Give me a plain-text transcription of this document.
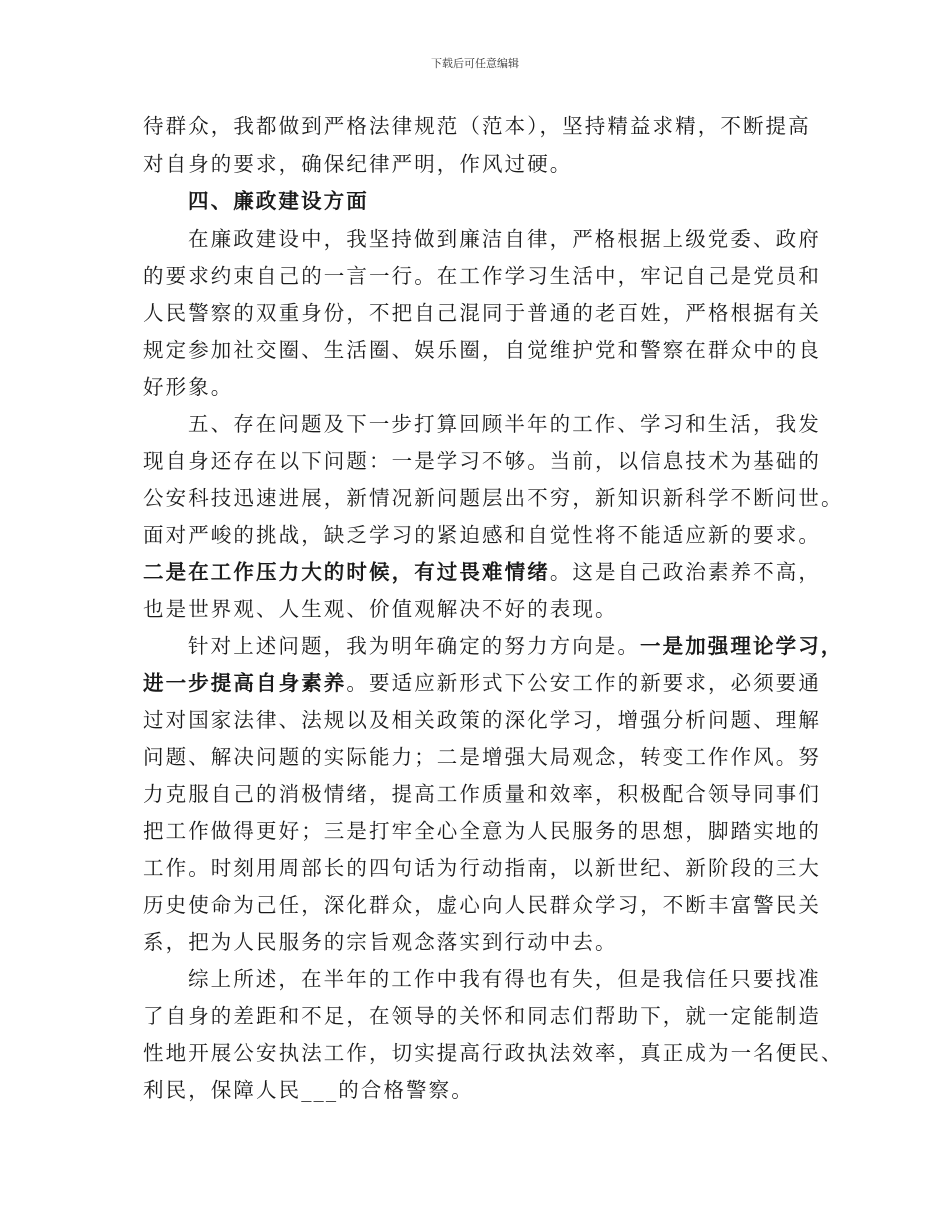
下载后可任意编辑
待群众，我都做到严格法律规范（范本），坚持精益求精，不断提高
对自身的要求，确保纪律严明，作风过硬。
四、廉政建设方面
在廉政建设中，我坚持做到廉洁自律，严格根据上级党委、政府
的要求约束自己的一言一行。在工作学习生活中，牢记自己是党员和
人民警察的双重身份，不把自己混同于普通的老百姓，严格根据有关
规定参加社交圈、生活圈、娱乐圈，自觉维护党和警察在群众中的良
好形象。
五、存在问题及下一步打算回顾半年的工作、学习和生活，我发
现自身还存在以下问题：一是学习不够。当前，以信息技术为基础的
公安科技迅速进展，新情况新问题层出不穷，新知识新科学不断问世。
面对严峻的挑战，缺乏学习的紧迫感和自觉性将不能适应新的要求。
二是在工作压力大的时候，有过畏难情绪。这是自己政治素养不高，
也是世界观、人生观、价值观解决不好的表现。
针对上述问题，我为明年确定的努力方向是。一是加强理论学习，
进一步提高自身素养。要适应新形式下公安工作的新要求，必须要通
过对国家法律、法规以及相关政策的深化学习，增强分析问题、理解
问题、解决问题的实际能力；二是增强大局观念，转变工作作风。努
力克服自己的消极情绪，提高工作质量和效率，积极配合领导同事们
把工作做得更好；三是打牢全心全意为人民服务的思想，脚踏实地的
工作。时刻用周部长的四句话为行动指南，以新世纪、新阶段的三大
历史使命为己任，深化群众，虚心向人民群众学习，不断丰富警民关
系，把为人民服务的宗旨观念落实到行动中去。
综上所述，在半年的工作中我有得也有失，但是我信任只要找准
了自身的差距和不足，在领导的关怀和同志们帮助下，就一定能制造
性地开展公安执法工作，切实提高行政执法效率，真正成为一名便民、
利民，保障人民___的合格警察。
